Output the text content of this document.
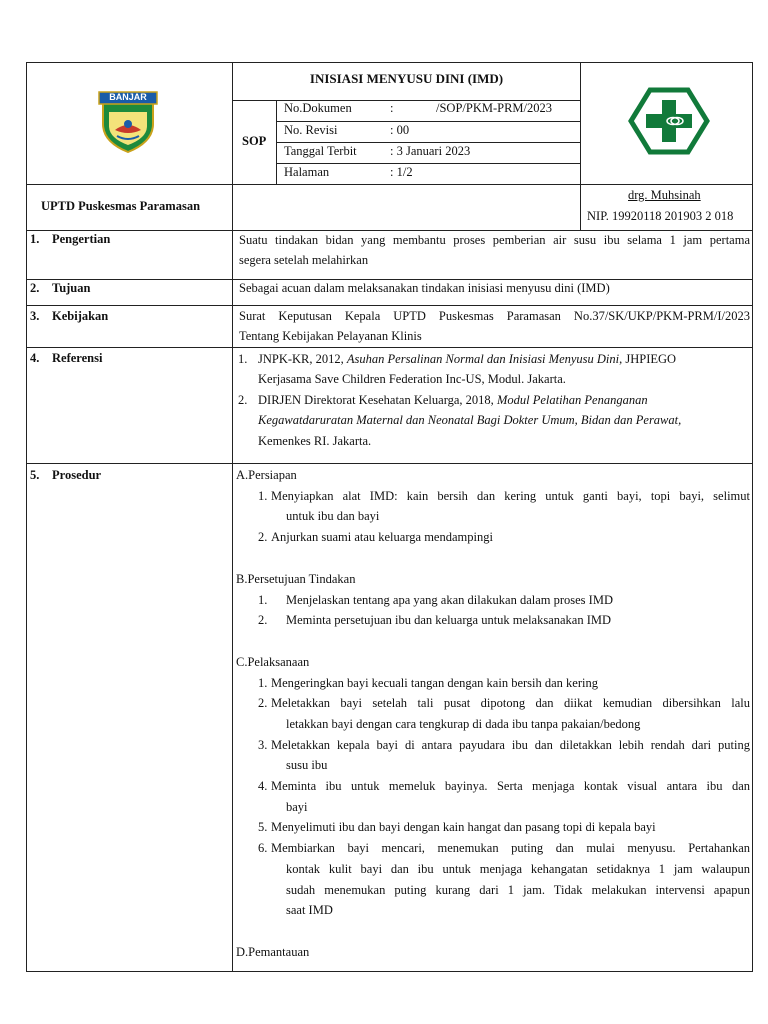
BANJAR
INISIASI MENYUSU DINI (IMD)
SOP
No.Dokumen	:	/SOP/PKM-PRM/2023
No. Revisi	: 00
Tanggal Terbit	: 3 Januari 2023
Halaman	: 1/2
UPTD Puskesmas Paramasan
drg. Muhsinah
NIP. 19920118 201903 2 018
1. Pengertian	Suatu tindakan bidan yang membantu proses pemberian air susu ibu selama 1 jam pertama
segera setelah melahirkan
2. Tujuan	Sebagai acuan dalam melaksanakan tindakan inisiasi menyusu dini (IMD)
3. Kebijakan	Surat Keputusan Kepala UPTD Puskesmas Paramasan No.37/SK/UKP/PKM-PRM/I/2023
Tentang Kebijakan Pelayanan Klinis
4. Referensi	1. JNPK-KR, 2012, Asuhan Persalinan Normal dan Inisiasi Menyusu Dini, JHPIEGO
Kerjasama Save Children Federation Inc-US, Modul. Jakarta.
2. DIRJEN Direktorat Kesehatan Keluarga, 2018, Modul Pelatihan Penanganan
Kegawatdaruratan Maternal dan Neonatal Bagi Dokter Umum, Bidan dan Perawat,
Kemenkes RI. Jakarta.
5. Prosedur	A.Persiapan
1. Menyiapkan alat IMD: kain bersih dan kering untuk ganti bayi, topi bayi, selimut
untuk ibu dan bayi
2. Anjurkan suami atau keluarga mendampingi
B.Persetujuan Tindakan
1. Menjelaskan tentang apa yang akan dilakukan dalam proses IMD
2. Meminta persetujuan ibu dan keluarga untuk melaksanakan IMD
C.Pelaksanaan
1. Mengeringkan bayi kecuali tangan dengan kain bersih dan kering
2. Meletakkan bayi setelah tali pusat dipotong dan diikat kemudian dibersihkan lalu
letakkan bayi dengan cara tengkurap di dada ibu tanpa pakaian/bedong
3. Meletakkan kepala bayi di antara payudara ibu dan diletakkan lebih rendah dari puting
susu ibu
4. Meminta ibu untuk memeluk bayinya. Serta menjaga kontak visual antara ibu dan
bayi
5. Menyelimuti ibu dan bayi dengan kain hangat dan pasang topi di kepala bayi
6. Membiarkan bayi mencari, menemukan puting dan mulai menyusu. Pertahankan
kontak kulit bayi dan ibu untuk menjaga kehangatan setidaknya 1 jam walaupun
sudah menemukan puting kurang dari 1 jam. Tidak melakukan intervensi apapun
saat IMD
D.Pemantauan
